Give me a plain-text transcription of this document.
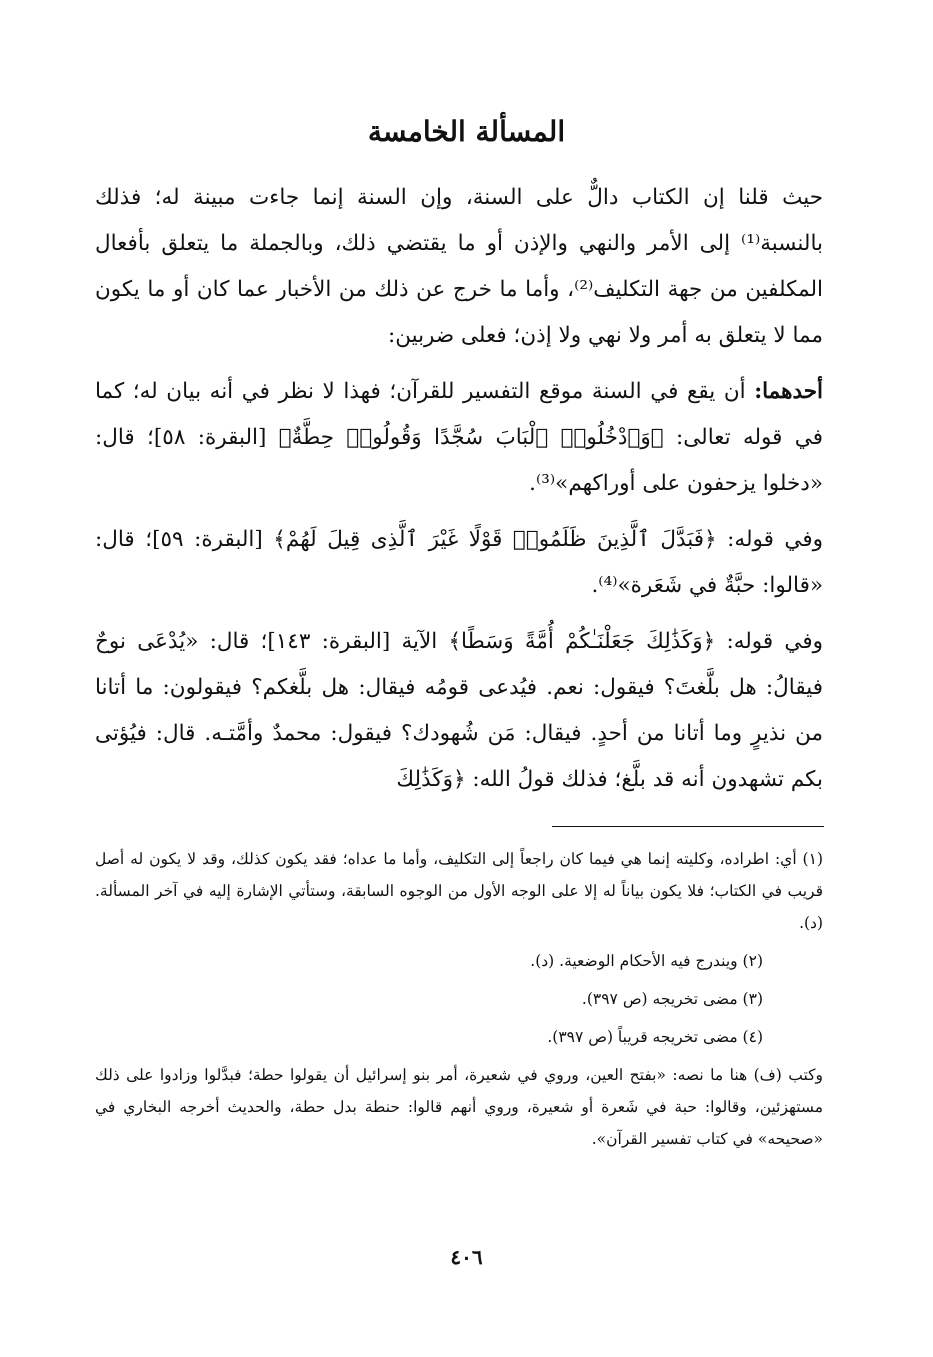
المسألة الخامسة

حيث قلنا إن الكتاب دالٌّ على السنة، وإن السنة إنما جاءت مبينة له؛ فذلك بالنسبة⁽¹⁾ إلى الأمر والنهي والإذن أو ما يقتضي ذلك، وبالجملة ما يتعلق بأفعال المكلفين من جهة التكليف⁽²⁾، وأما ما خرج عن ذلك من الأخبار عما كان أو ما يكون مما لا يتعلق به أمر ولا نهي ولا إذن؛ فعلى ضربين:

أحدهما: أن يقع في السنة موقع التفسير للقرآن؛ فهذا لا نظر في أنه بيان له؛ كما في قوله تعالى: ﴿وَٱدْخُلُوا۟ ٱلْبَابَ سُجَّدًا وَقُولُوا۟ حِطَّةٌ﴾ [البقرة: ٥٨]؛ قال: «دخلوا يزحفون على أوراكهم»⁽³⁾.

وفي قوله: ﴿فَبَدَّلَ ٱلَّذِينَ ظَلَمُوا۟ قَوْلًا غَيْرَ ٱلَّذِى قِيلَ لَهُمْ﴾ [البقرة: ٥٩]؛ قال: «قالوا: حبَّةٌ في شَعَرة»⁽⁴⁾.

وفي قوله: ﴿وَكَذَٰلِكَ جَعَلْنَـٰكُمْ أُمَّةً وَسَطًا﴾ الآية [البقرة: ١٤٣]؛ قال: «يُدْعَى نوحٌ فيقالُ: هل بلَّغتَ؟ فيقول: نعم. فيُدعى قومُه فيقال: هل بلَّغكم؟ فيقولون: ما أتانا من نذيرٍ وما أتانا من أحدٍ. فيقال: مَن شُهودك؟ فيقول: محمدٌ وأمَّتـه. قال: فيُؤتى بكم تشهدون أنه قد بلَّغ؛ فذلك قولُ الله: ﴿وَكَذَٰلِكَ

(١) أي: اطراده، وكليته إنما هي فيما كان راجعاً إلى التكليف، وأما ما عداه؛ فقد يكون كذلك، وقد لا يكون له أصل قريب في الكتاب؛ فلا يكون بياناً له إلا على الوجه الأول من الوجوه السابقة، وستأتي الإشارة إليه في آخر المسألة. (د).

(٢) ويندرج فيه الأحكام الوضعية. (د).

(٣) مضى تخريجه (ص ٣٩٧).

(٤) مضى تخريجه قريباً (ص ٣٩٧).

وكتب (ف) هنا ما نصه: «بفتح العين، وروي في شعيرة، أمر بنو إسرائيل أن يقولوا حطة؛ فبدَّلوا وزادوا على ذلك مستهزئين، وقالوا: حبة في شَعرة أو شعيرة، وروي أنهم قالوا: حنطة بدل حطة، والحديث أخرجه البخاري في «صحيحه» في كتاب تفسير القرآن».

٤٠٦
